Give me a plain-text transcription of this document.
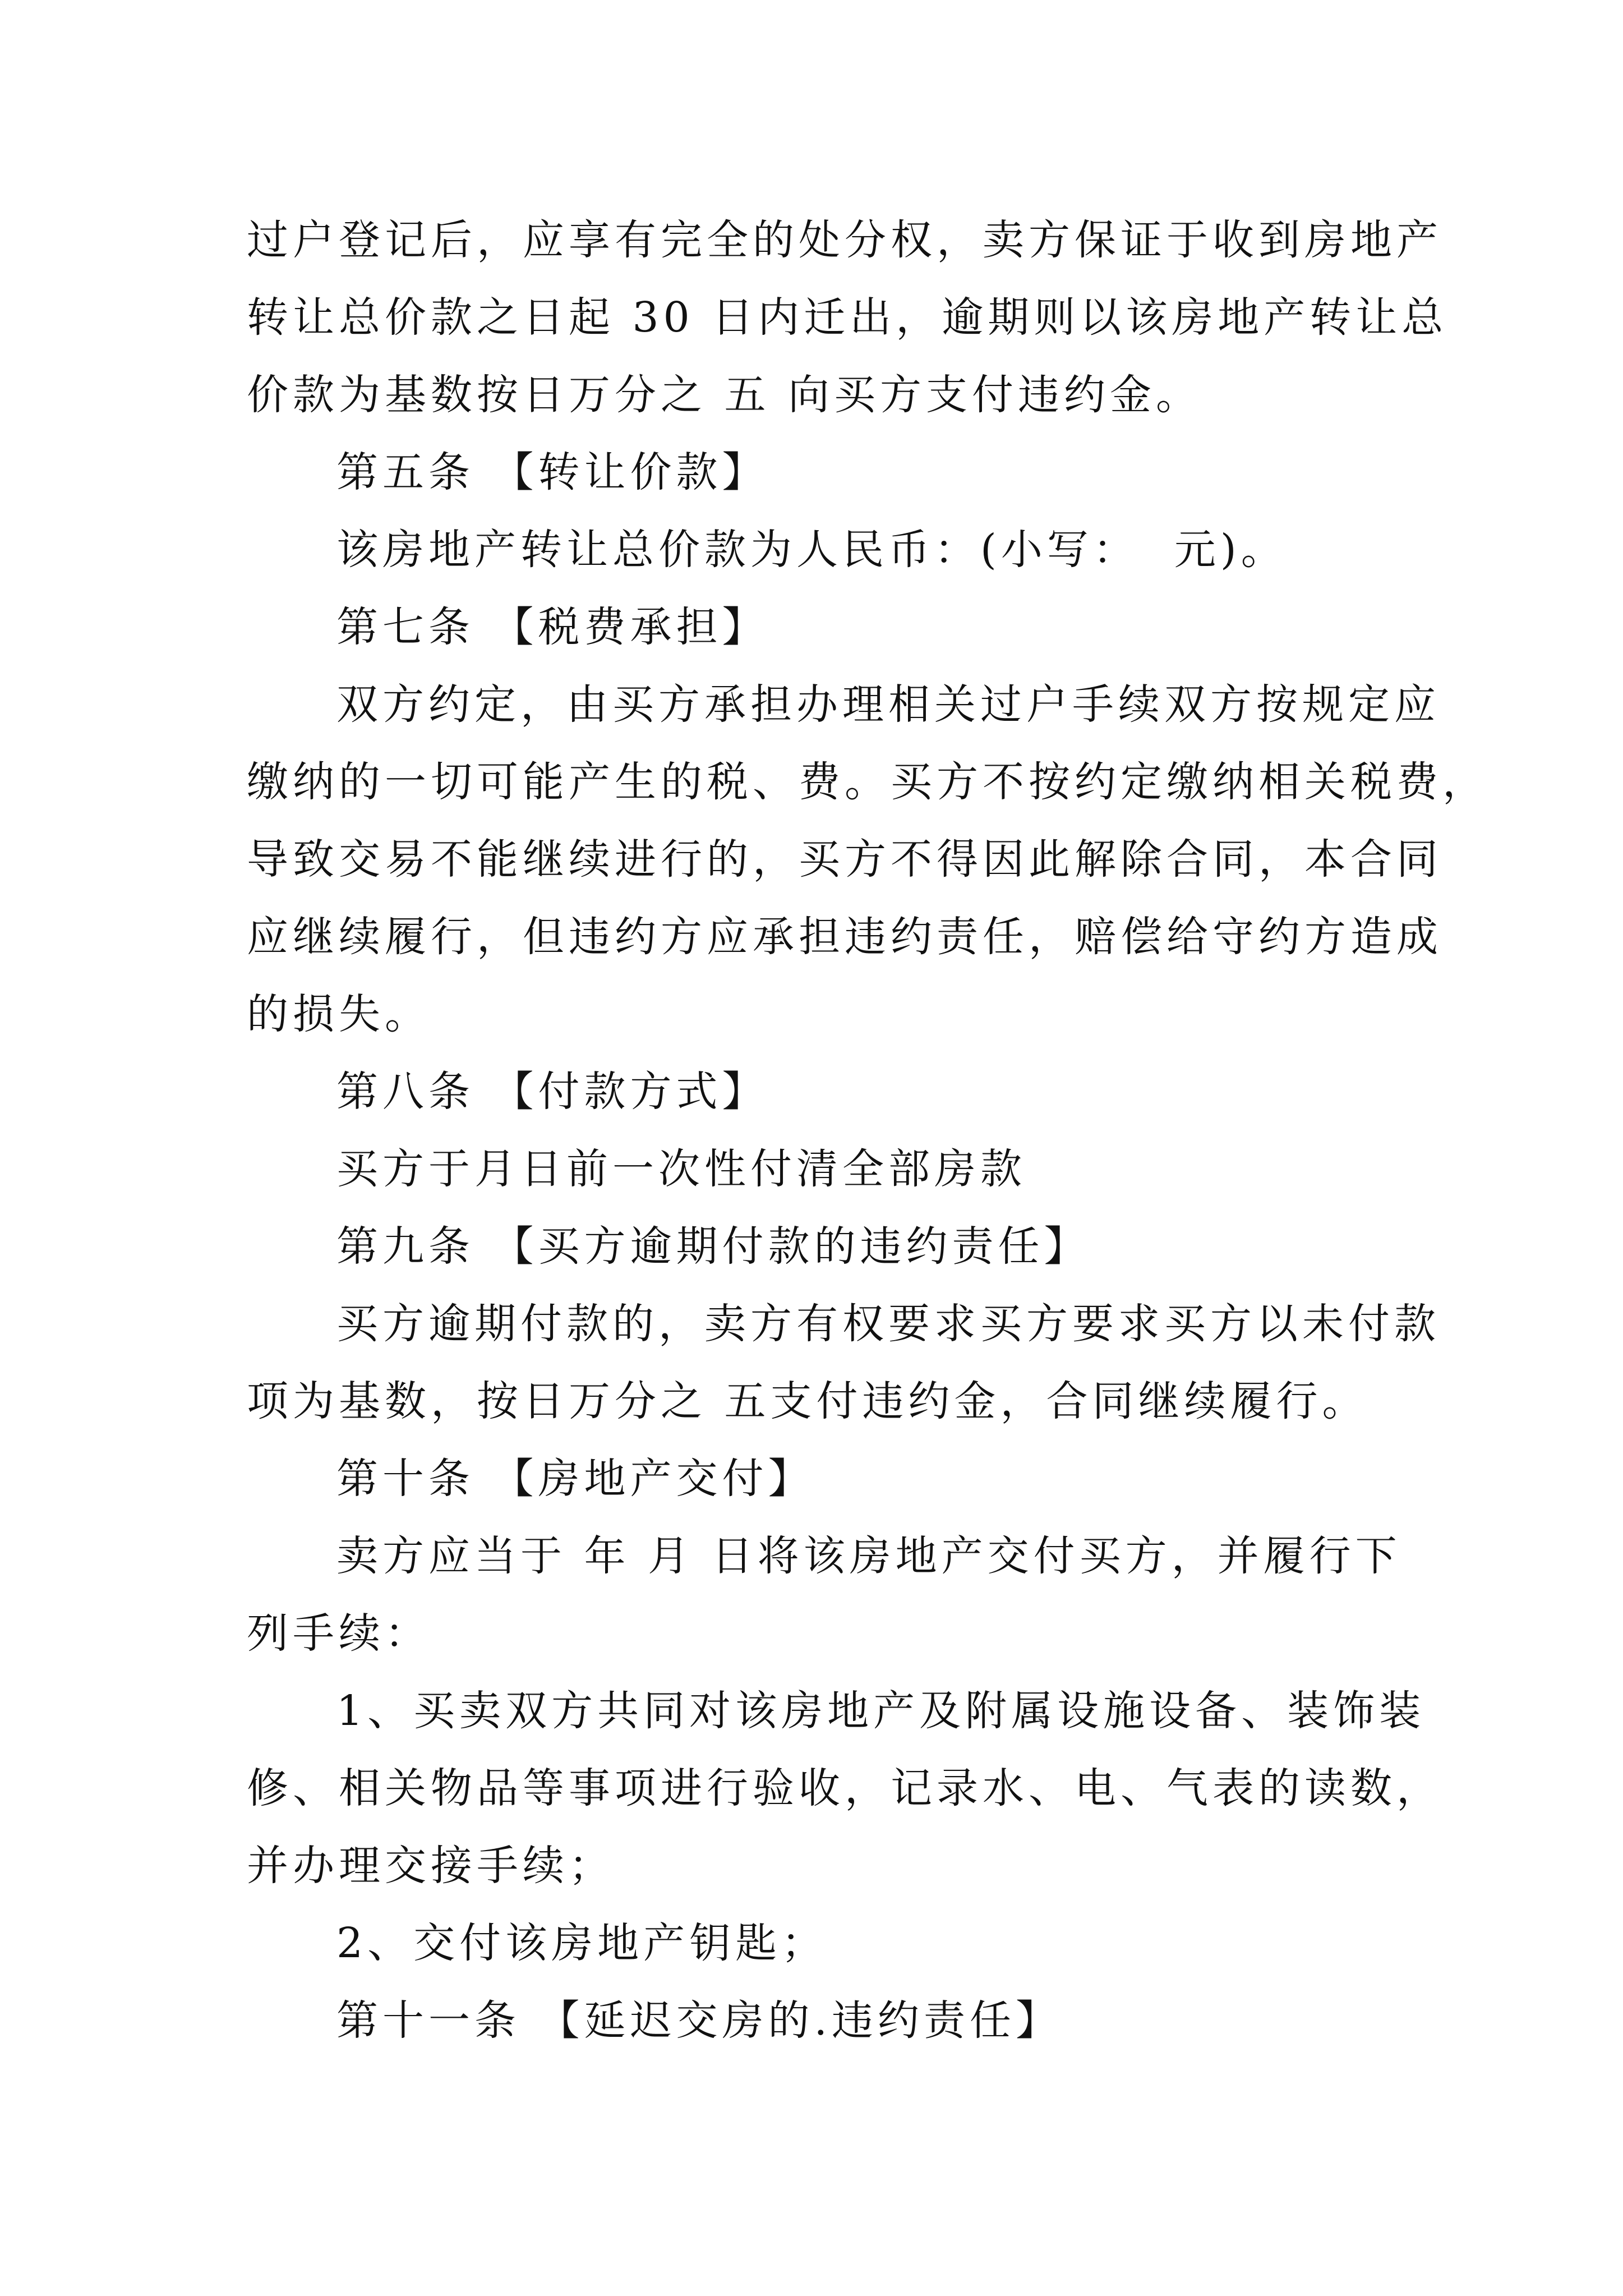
过户登记后，应享有完全的处分权，卖方保证于收到房地产
转让总价款之日起 30 日内迁出，逾期则以该房地产转让总
价款为基数按日万分之 五 向买方支付违约金。
第五条 【转让价款】
该房地产转让总价款为人民币：(小写：  元)。
第七条 【税费承担】
双方约定，由买方承担办理相关过户手续双方按规定应
缴纳的一切可能产生的税、费。买方不按约定缴纳相关税费，
导致交易不能继续进行的，买方不得因此解除合同，本合同
应继续履行，但违约方应承担违约责任，赔偿给守约方造成
的损失。
第八条 【付款方式】
买方于月日前一次性付清全部房款
第九条 【买方逾期付款的违约责任】
买方逾期付款的，卖方有权要求买方要求买方以未付款
项为基数，按日万分之 五支付违约金，合同继续履行。
第十条 【房地产交付】
卖方应当于 年 月 日将该房地产交付买方，并履行下
列手续：
1、买卖双方共同对该房地产及附属设施设备、装饰装
修、相关物品等事项进行验收，记录水、电、气表的读数，
并办理交接手续；
2、交付该房地产钥匙；
第十一条 【延迟交房的.违约责任】
